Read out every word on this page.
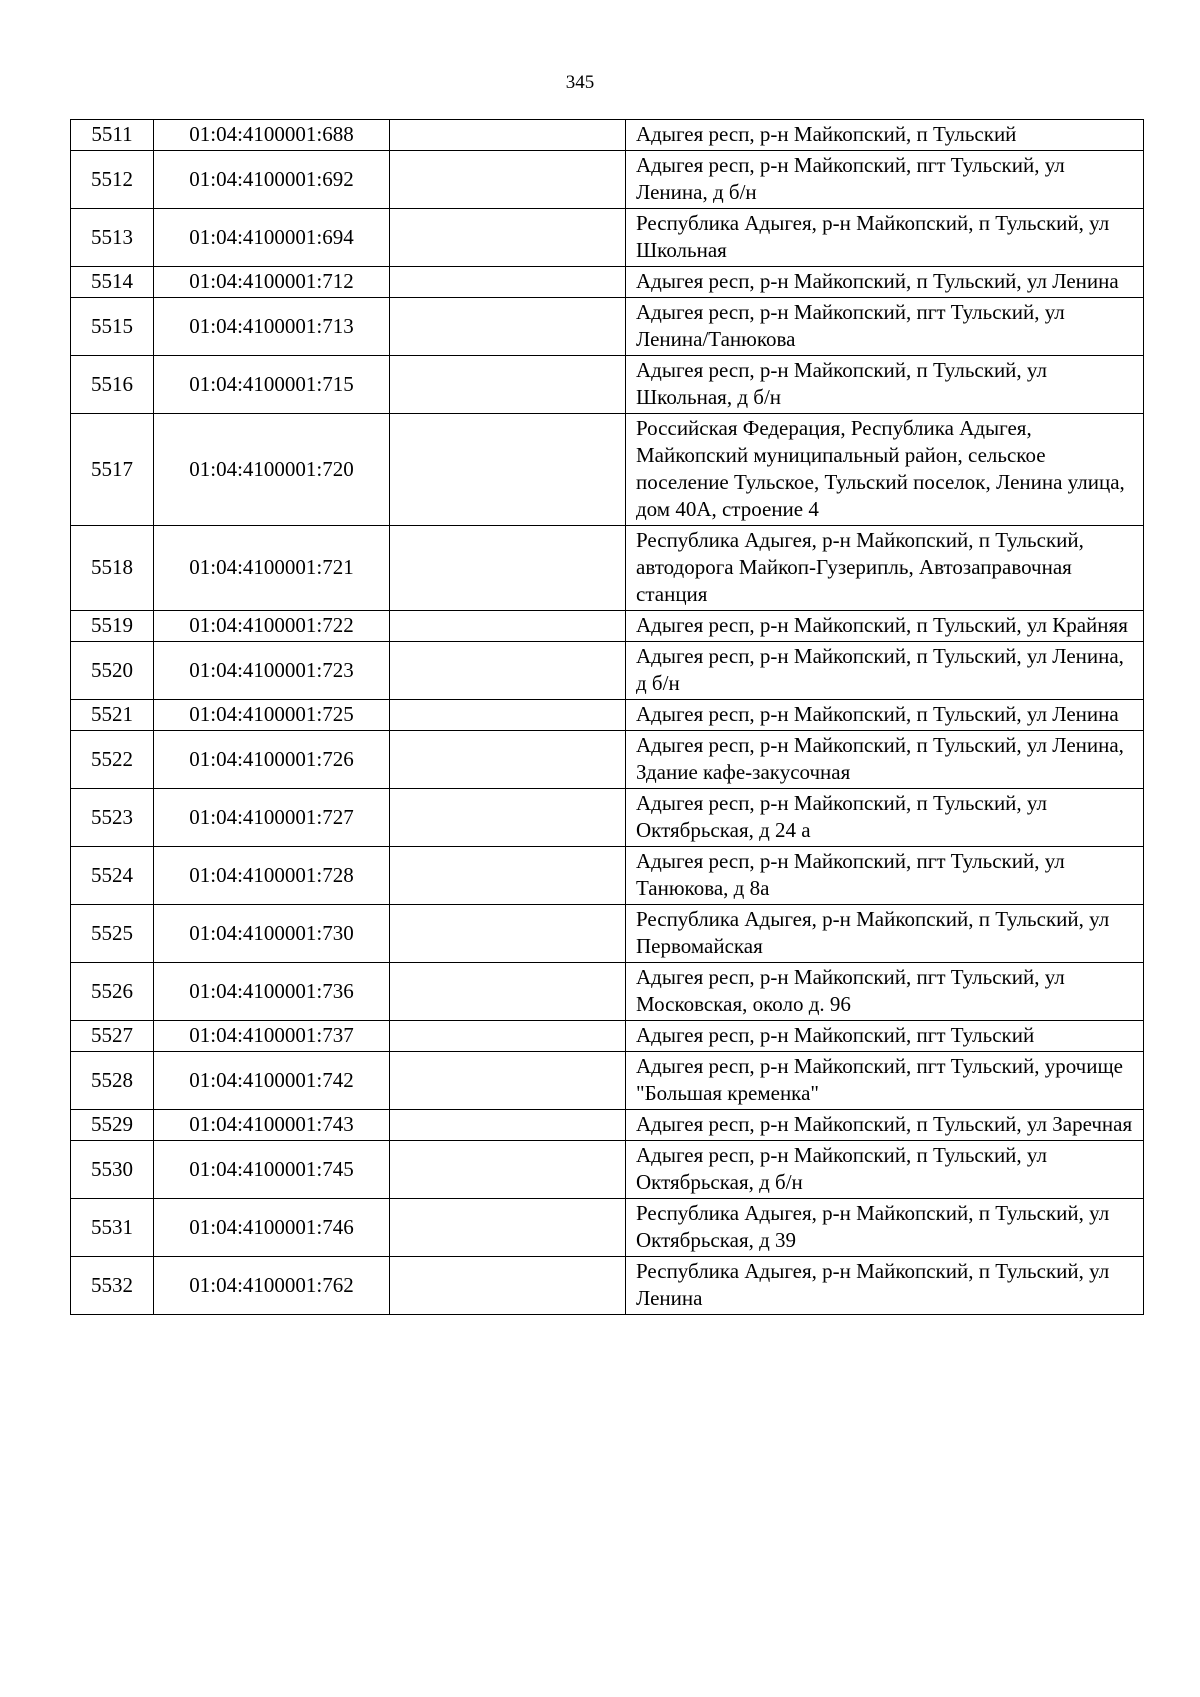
345
5511	01:04:4100001:688		Адыгея респ, р-н Майкопский, п Тульский
5512	01:04:4100001:692		Адыгея респ, р-н Майкопский, пгт Тульский, ул Ленина, д б/н
5513	01:04:4100001:694		Республика Адыгея, р-н Майкопский, п Тульский, ул Школьная
5514	01:04:4100001:712		Адыгея респ, р-н Майкопский, п Тульский, ул Ленина
5515	01:04:4100001:713		Адыгея респ, р-н Майкопский, пгт Тульский, ул Ленина/Танюкова
5516	01:04:4100001:715		Адыгея респ, р-н Майкопский, п Тульский, ул Школьная, д б/н
5517	01:04:4100001:720		Российская Федерация, Республика Адыгея, Майкопский муниципальный район, сельское поселение Тульское, Тульский поселок, Ленина улица, дом 40А, строение 4
5518	01:04:4100001:721		Республика Адыгея, р-н Майкопский, п Тульский, автодорога Майкоп-Гузерипль, Автозаправочная станция
5519	01:04:4100001:722		Адыгея респ, р-н Майкопский, п Тульский, ул Крайняя
5520	01:04:4100001:723		Адыгея респ, р-н Майкопский, п Тульский, ул Ленина, д б/н
5521	01:04:4100001:725		Адыгея респ, р-н Майкопский, п Тульский, ул Ленина
5522	01:04:4100001:726		Адыгея респ, р-н Майкопский, п Тульский, ул Ленина, Здание кафе-закусочная
5523	01:04:4100001:727		Адыгея респ, р-н Майкопский, п Тульский, ул Октябрьская, д 24 а
5524	01:04:4100001:728		Адыгея респ, р-н Майкопский, пгт Тульский, ул Танюкова, д 8а
5525	01:04:4100001:730		Республика Адыгея, р-н Майкопский, п Тульский, ул Первомайская
5526	01:04:4100001:736		Адыгея респ, р-н Майкопский, пгт Тульский, ул Московская, около д. 96
5527	01:04:4100001:737		Адыгея респ, р-н Майкопский, пгт Тульский
5528	01:04:4100001:742		Адыгея респ, р-н Майкопский, пгт Тульский, урочище "Большая кременка"
5529	01:04:4100001:743		Адыгея респ, р-н Майкопский, п Тульский, ул Заречная
5530	01:04:4100001:745		Адыгея респ, р-н Майкопский, п Тульский, ул Октябрьская, д б/н
5531	01:04:4100001:746		Республика Адыгея, р-н Майкопский, п Тульский, ул Октябрьская, д 39
5532	01:04:4100001:762		Республика Адыгея, р-н Майкопский, п Тульский, ул Ленина
